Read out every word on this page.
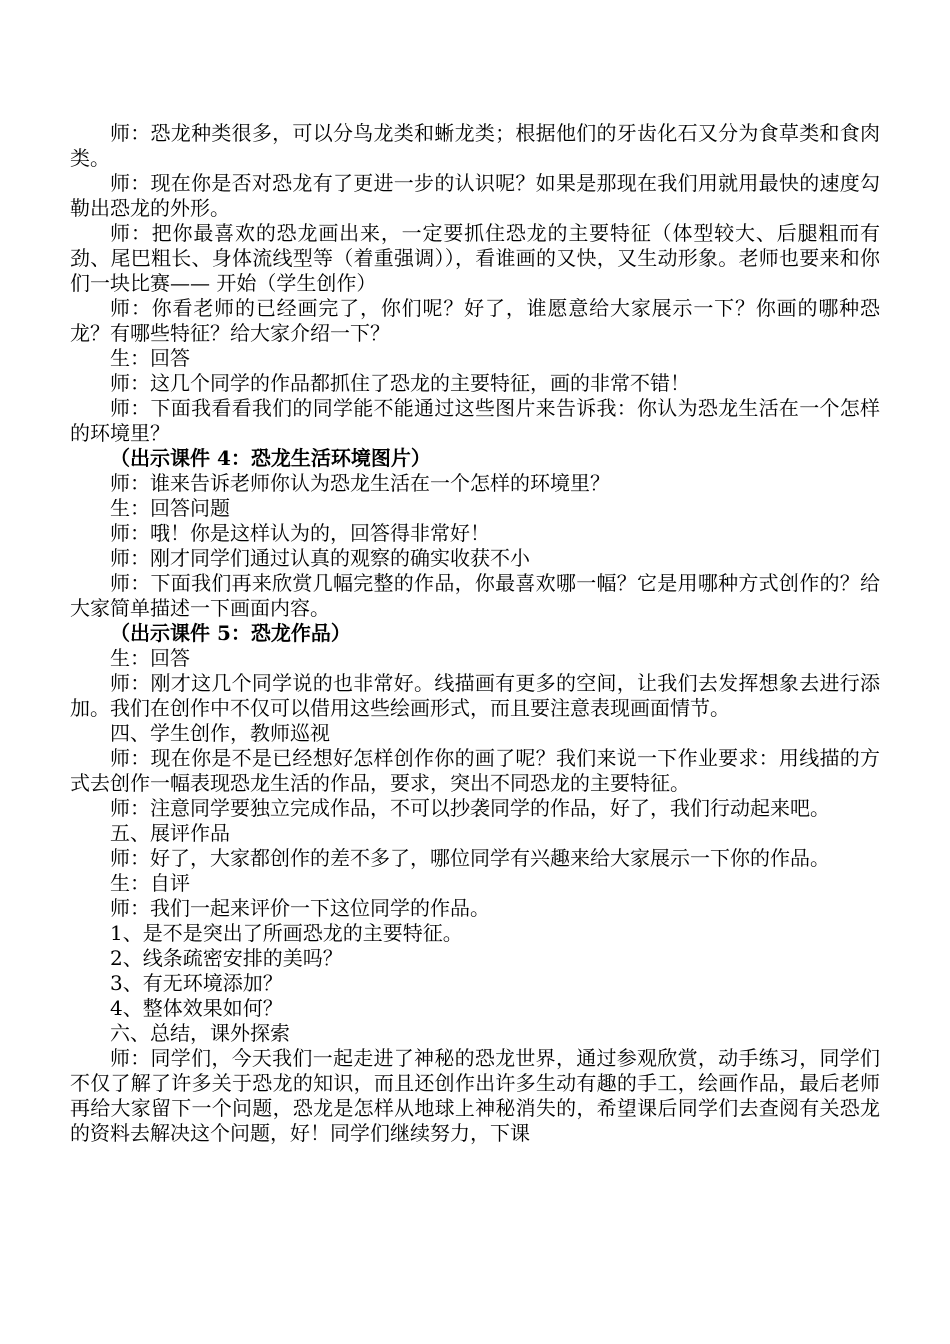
师：恐龙种类很多，可以分鸟龙类和蜥龙类；根据他们的牙齿化石又分为食草类和食肉类。

师：现在你是否对恐龙有了更进一步的认识呢？如果是那现在我们用就用最快的速度勾勒出恐龙的外形。

师：把你最喜欢的恐龙画出来，一定要抓住恐龙的主要特征（体型较大、后腿粗而有劲、尾巴粗长、身体流线型等（着重强调）），看谁画的又快，又生动形象。老师也要来和你们一块比赛—— 开始（学生创作）

师：你看老师的已经画完了，你们呢？好了，谁愿意给大家展示一下？你画的哪种恐龙？有哪些特征？给大家介绍一下？

生：回答

师：这几个同学的作品都抓住了恐龙的主要特征，画的非常不错！

师：下面我看看我们的同学能不能通过这些图片来告诉我：你认为恐龙生活在一个怎样的环境里？

（出示课件 4：恐龙生活环境图片）

师：谁来告诉老师你认为恐龙生活在一个怎样的环境里？

生：回答问题

师：哦！你是这样认为的，回答得非常好！

师：刚才同学们通过认真的观察的确实收获不小

师：下面我们再来欣赏几幅完整的作品，你最喜欢哪一幅？它是用哪种方式创作的？给大家简单描述一下画面内容。

（出示课件 5：恐龙作品）

生：回答

师：刚才这几个同学说的也非常好。线描画有更多的空间，让我们去发挥想象去进行添加。我们在创作中不仅可以借用这些绘画形式，而且要注意表现画面情节。

四、学生创作，教师巡视

师：现在你是不是已经想好怎样创作你的画了呢？我们来说一下作业要求：用线描的方式去创作一幅表现恐龙生活的作品，要求，突出不同恐龙的主要特征。

师：注意同学要独立完成作品，不可以抄袭同学的作品，好了，我们行动起来吧。

五、展评作品

师：好了，大家都创作的差不多了，哪位同学有兴趣来给大家展示一下你的作品。

生：自评

师：我们一起来评价一下这位同学的作品。

1、是不是突出了所画恐龙的主要特征。

2、线条疏密安排的美吗？

3、有无环境添加？

4、整体效果如何？

六、总结，课外探索

师：同学们，今天我们一起走进了神秘的恐龙世界，通过参观欣赏，动手练习，同学们不仅了解了许多关于恐龙的知识，而且还创作出许多生动有趣的手工，绘画作品，最后老师再给大家留下一个问题，恐龙是怎样从地球上神秘消失的，希望课后同学们去查阅有关恐龙的资料去解决这个问题，好！同学们继续努力，下课
